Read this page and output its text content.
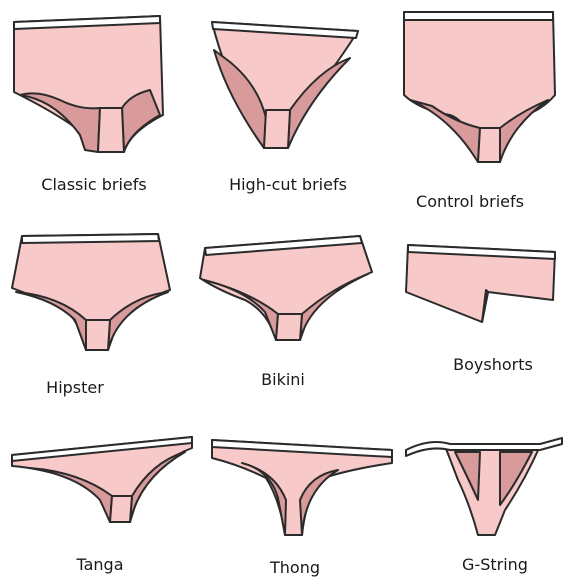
Classic briefs	High-cut briefs
Control briefs
Hipster	Bikini
Boyshorts
Tanga	Thong	G-String
